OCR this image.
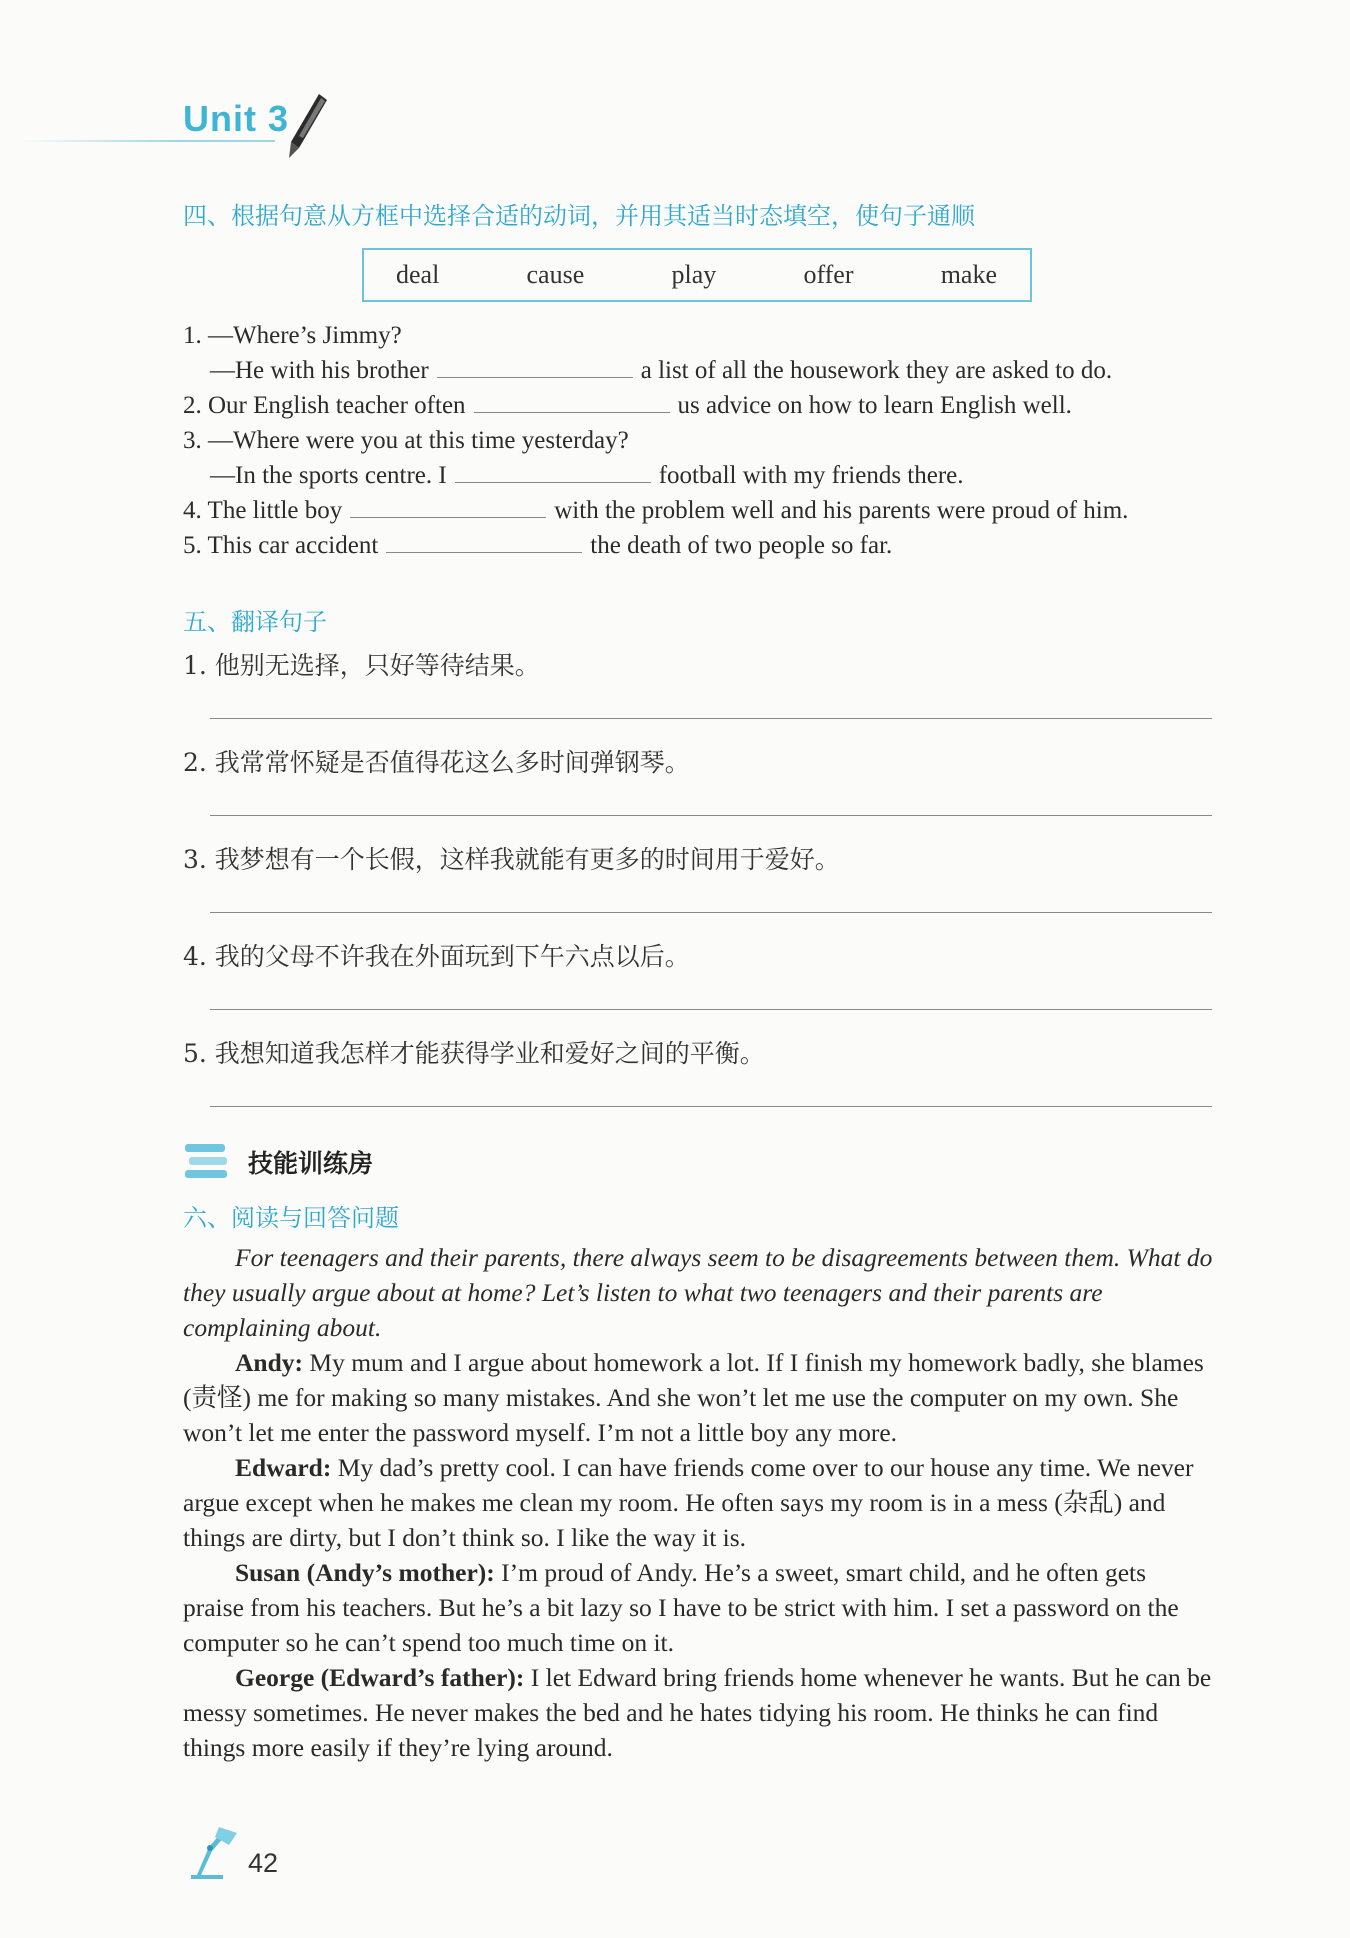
Unit 3
四、根据句意从方框中选择合适的动词，并用其适当时态填空，使句子通顺
deal	cause	play	offer	make
1. —Where’s Jimmy?
—He with his brother	a list of all the housework they are asked to do.
2. Our English teacher often	us advice on how to learn English well.
3. —Where were you at this time yesterday?
—In the sports centre. I	football with my friends there.
4. The little boy	with the problem well and his parents were proud of him.
5. This car accident	the death of two people so far.
五、翻译句子
1. 他别无选择，只好等待结果。
2. 我常常怀疑是否值得花这么多时间弹钢琴。
3. 我梦想有一个长假，这样我就能有更多的时间用于爱好。
4. 我的父母不许我在外面玩到下午六点以后。
5. 我想知道我怎样才能获得学业和爱好之间的平衡。
技能训练房
六、阅读与回答问题
For teenagers and their parents, there always seem to be disagreements between them. What do they usually argue about at home? Let’s listen to what two teenagers and their parents are complaining about.
Andy: My mum and I argue about homework a lot. If I finish my homework badly, she blames (责怪) me for making so many mistakes. And she won’t let me use the computer on my own. She won’t let me enter the password myself. I’m not a little boy any more.
Edward: My dad’s pretty cool. I can have friends come over to our house any time. We never argue except when he makes me clean my room. He often says my room is in a mess (杂乱) and things are dirty, but I don’t think so. I like the way it is.
Susan (Andy’s mother): I’m proud of Andy. He’s a sweet, smart child, and he often gets praise from his teachers. But he’s a bit lazy so I have to be strict with him. I set a password on the computer so he can’t spend too much time on it.
George (Edward’s father): I let Edward bring friends home whenever he wants. But he can be messy sometimes. He never makes the bed and he hates tidying his room. He thinks he can find things more easily if they’re lying around.
42
